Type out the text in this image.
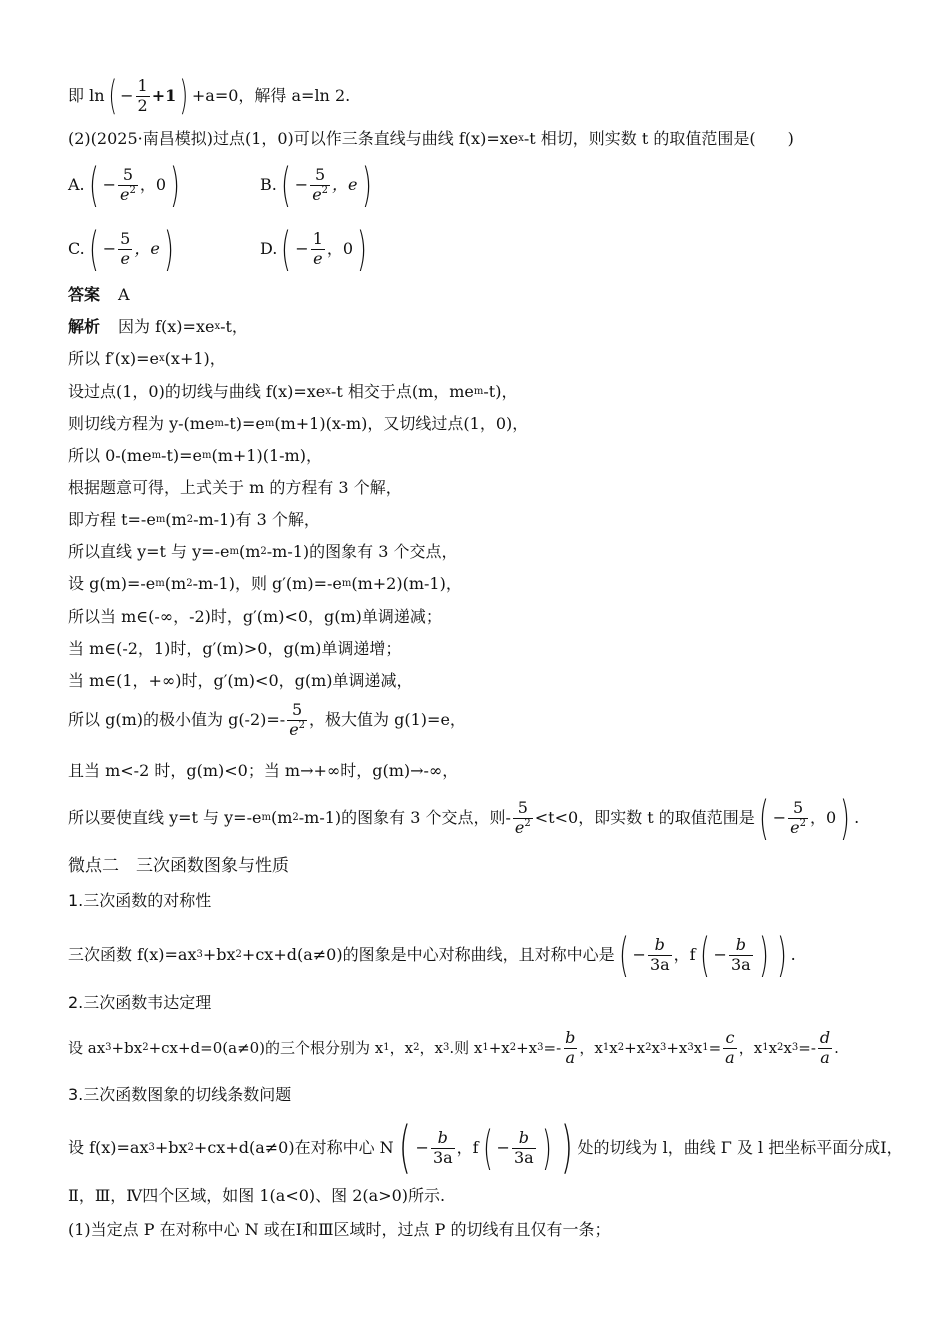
即 ln ( − $\frac{1}{2} +1$ ) +a=0，解得 a=ln 2.
(2)(2025·南昌模拟)过点(1，0)可以作三条直线与曲线 f(x)=xe x -t 相切，则实数 t 的取值范围是(　　)
A. ( − $\frac{5}{e^2}$ ，0 )	B. ( − $\frac{5}{e^2}$ ，e )
C. ( − $\frac{5}{e}$ ，e )	D. ( − $\frac{1}{e}$ ，0 )
答案 A
解析 因为 f(x)=xe x -t，
所以 f′(x)=e x (x+1)，
设过点(1，0)的切线与曲线 f(x)=xe x -t 相交于点(m，me m -t)，
则切线方程为 y-(me m -t)=e m (m+1)(x-m)，又切线过点(1，0)，
所以 0-(me m -t)=e m (m+1)(1-m)，
根据题意可得，上式关于 m 的方程有 3 个解，
即方程 t=-e m (m 2 -m-1)有 3 个解，
所以直线 y=t 与 y=-e m (m 2 -m-1)的图象有 3 个交点，
设 g(m)=-e m (m 2 -m-1)，则 g′(m)=-e m (m+2)(m-1)，
所以当 m∈(-∞，-2)时，g′(m)<0，g(m)单调递减；
当 m∈(-2，1)时，g′(m)>0，g(m)单调递增；
当 m∈(1，+∞)时，g′(m)<0，g(m)单调递减，
所以 g(m)的极小值为 $g(-2)=- \frac{5}{e^2}$ ，极大值为 g(1)=e，
且当 m<-2 时，g(m)<0；当 m→+∞时，g(m)→-∞，
所以要使直线 y=t 与 y=-e m (m 2 -m-1)的图象有 3 个交点，则- $\frac{5}{e^2} <t<0$，即实数 t 的取值范围是 ( − $\frac{5}{e^2}$ ，0 ) .
微点二　三次函数图象与性质
1.三次函数的对称性
三次函数 f(x)=ax 3 +bx 2 +cx+d(a≠0)的图象是中心对称曲线，且对称中心是 ( − $\frac{b}{3a}$ ，f ( − $\frac{b}{3a}$ ) ) .
2.三次函数韦达定理
设 ax 3 +bx 2 +cx+d=0(a≠0)的三个根分别为 x 1 ，x 2 ，x 3 .则 x 1 +x 2 +x $3 =- \frac{b}{a}$ ，x 1 x 2 +x 2 x 3 +x 3 x $1 = \frac{c}{a}$ ，x 1 x 2 x $3 =- \frac{d}{a}$ .
3.三次函数图象的切线条数问题
设 f(x)=ax 3 +bx 2 +cx+d(a≠0)在对称中心 N ( − $\frac{b}{3a}$ ，f ( − $\frac{b}{3a}$ ) ) 处的切线为 l，曲线 Γ 及 l 把坐标平面分成Ⅰ，
Ⅱ，Ⅲ，Ⅳ四个区域，如图 1(a<0)、图 2(a>0)所示.
(1)当定点 P 在对称中心 N 或在Ⅰ和Ⅲ区域时，过点 P 的切线有且仅有一条；
